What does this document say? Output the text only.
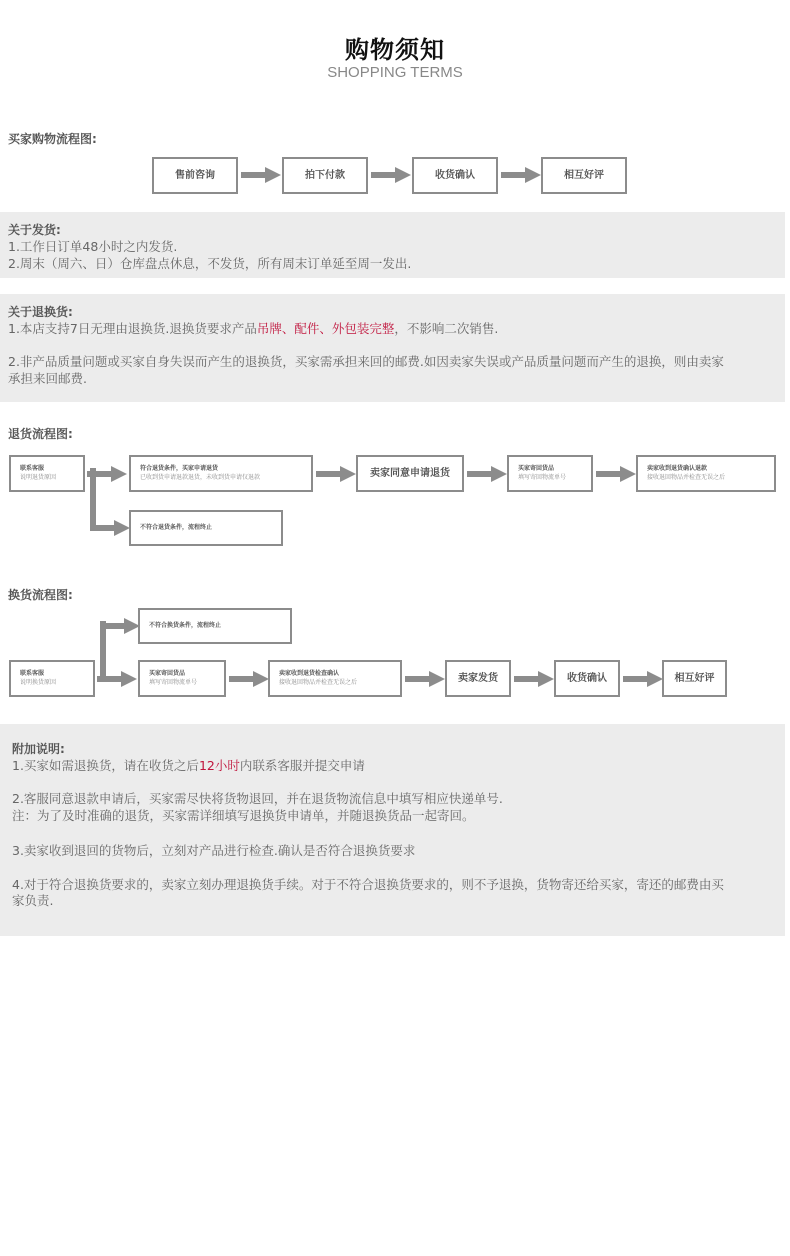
购物须知
SHOPPING TERMS
买家购物流程图:
售前咨询	拍下付款	收货确认	相互好评
关于发货:
1.工作日订单48小时之内发货.
2.周末（周六、日）仓库盘点休息，不发货，所有周末订单延至周一发出.
关于退换货:
1.本店支持7日无理由退换货.退换货要求产品吊牌、配件、外包装完整，不影响二次销售.
2.非产品质量问题或买家自身失误而产生的退换货，买家需承担来回的邮费.如因卖家失误或产品质量问题而产生的退换，则由卖家
承担来回邮费.
退货流程图:
联系客服
说明退货原因
符合退货条件，买家申请退货
已收到货申请退款退货，未收到货申请仅退款	卖家同意申请退货	买家寄回货品
填写寄回物流单号
卖家收到退货确认退款
接收退回物品并检查无误之后
不符合退货条件，流程终止
换货流程图:
不符合换货条件，流程终止
联系客服
说明换货原因
买家寄回货品
填写寄回物流单号
卖家收到退货检查确认
接收退回物品并检查无误之后	卖家发货	收货确认	相互好评
附加说明:
1.买家如需退换货，请在收货之后12小时内联系客服并提交申请
2.客服同意退款申请后，买家需尽快将货物退回，并在退货物流信息中填写相应快递单号.
注：为了及时准确的退货，买家需详细填写退换货申请单，并随退换货品一起寄回。
3.卖家收到退回的货物后，立刻对产品进行检查.确认是否符合退换货要求
4.对于符合退换货要求的，卖家立刻办理退换货手续。对于不符合退换货要求的，则不予退换，货物寄还给买家，寄还的邮费由买
家负责.
